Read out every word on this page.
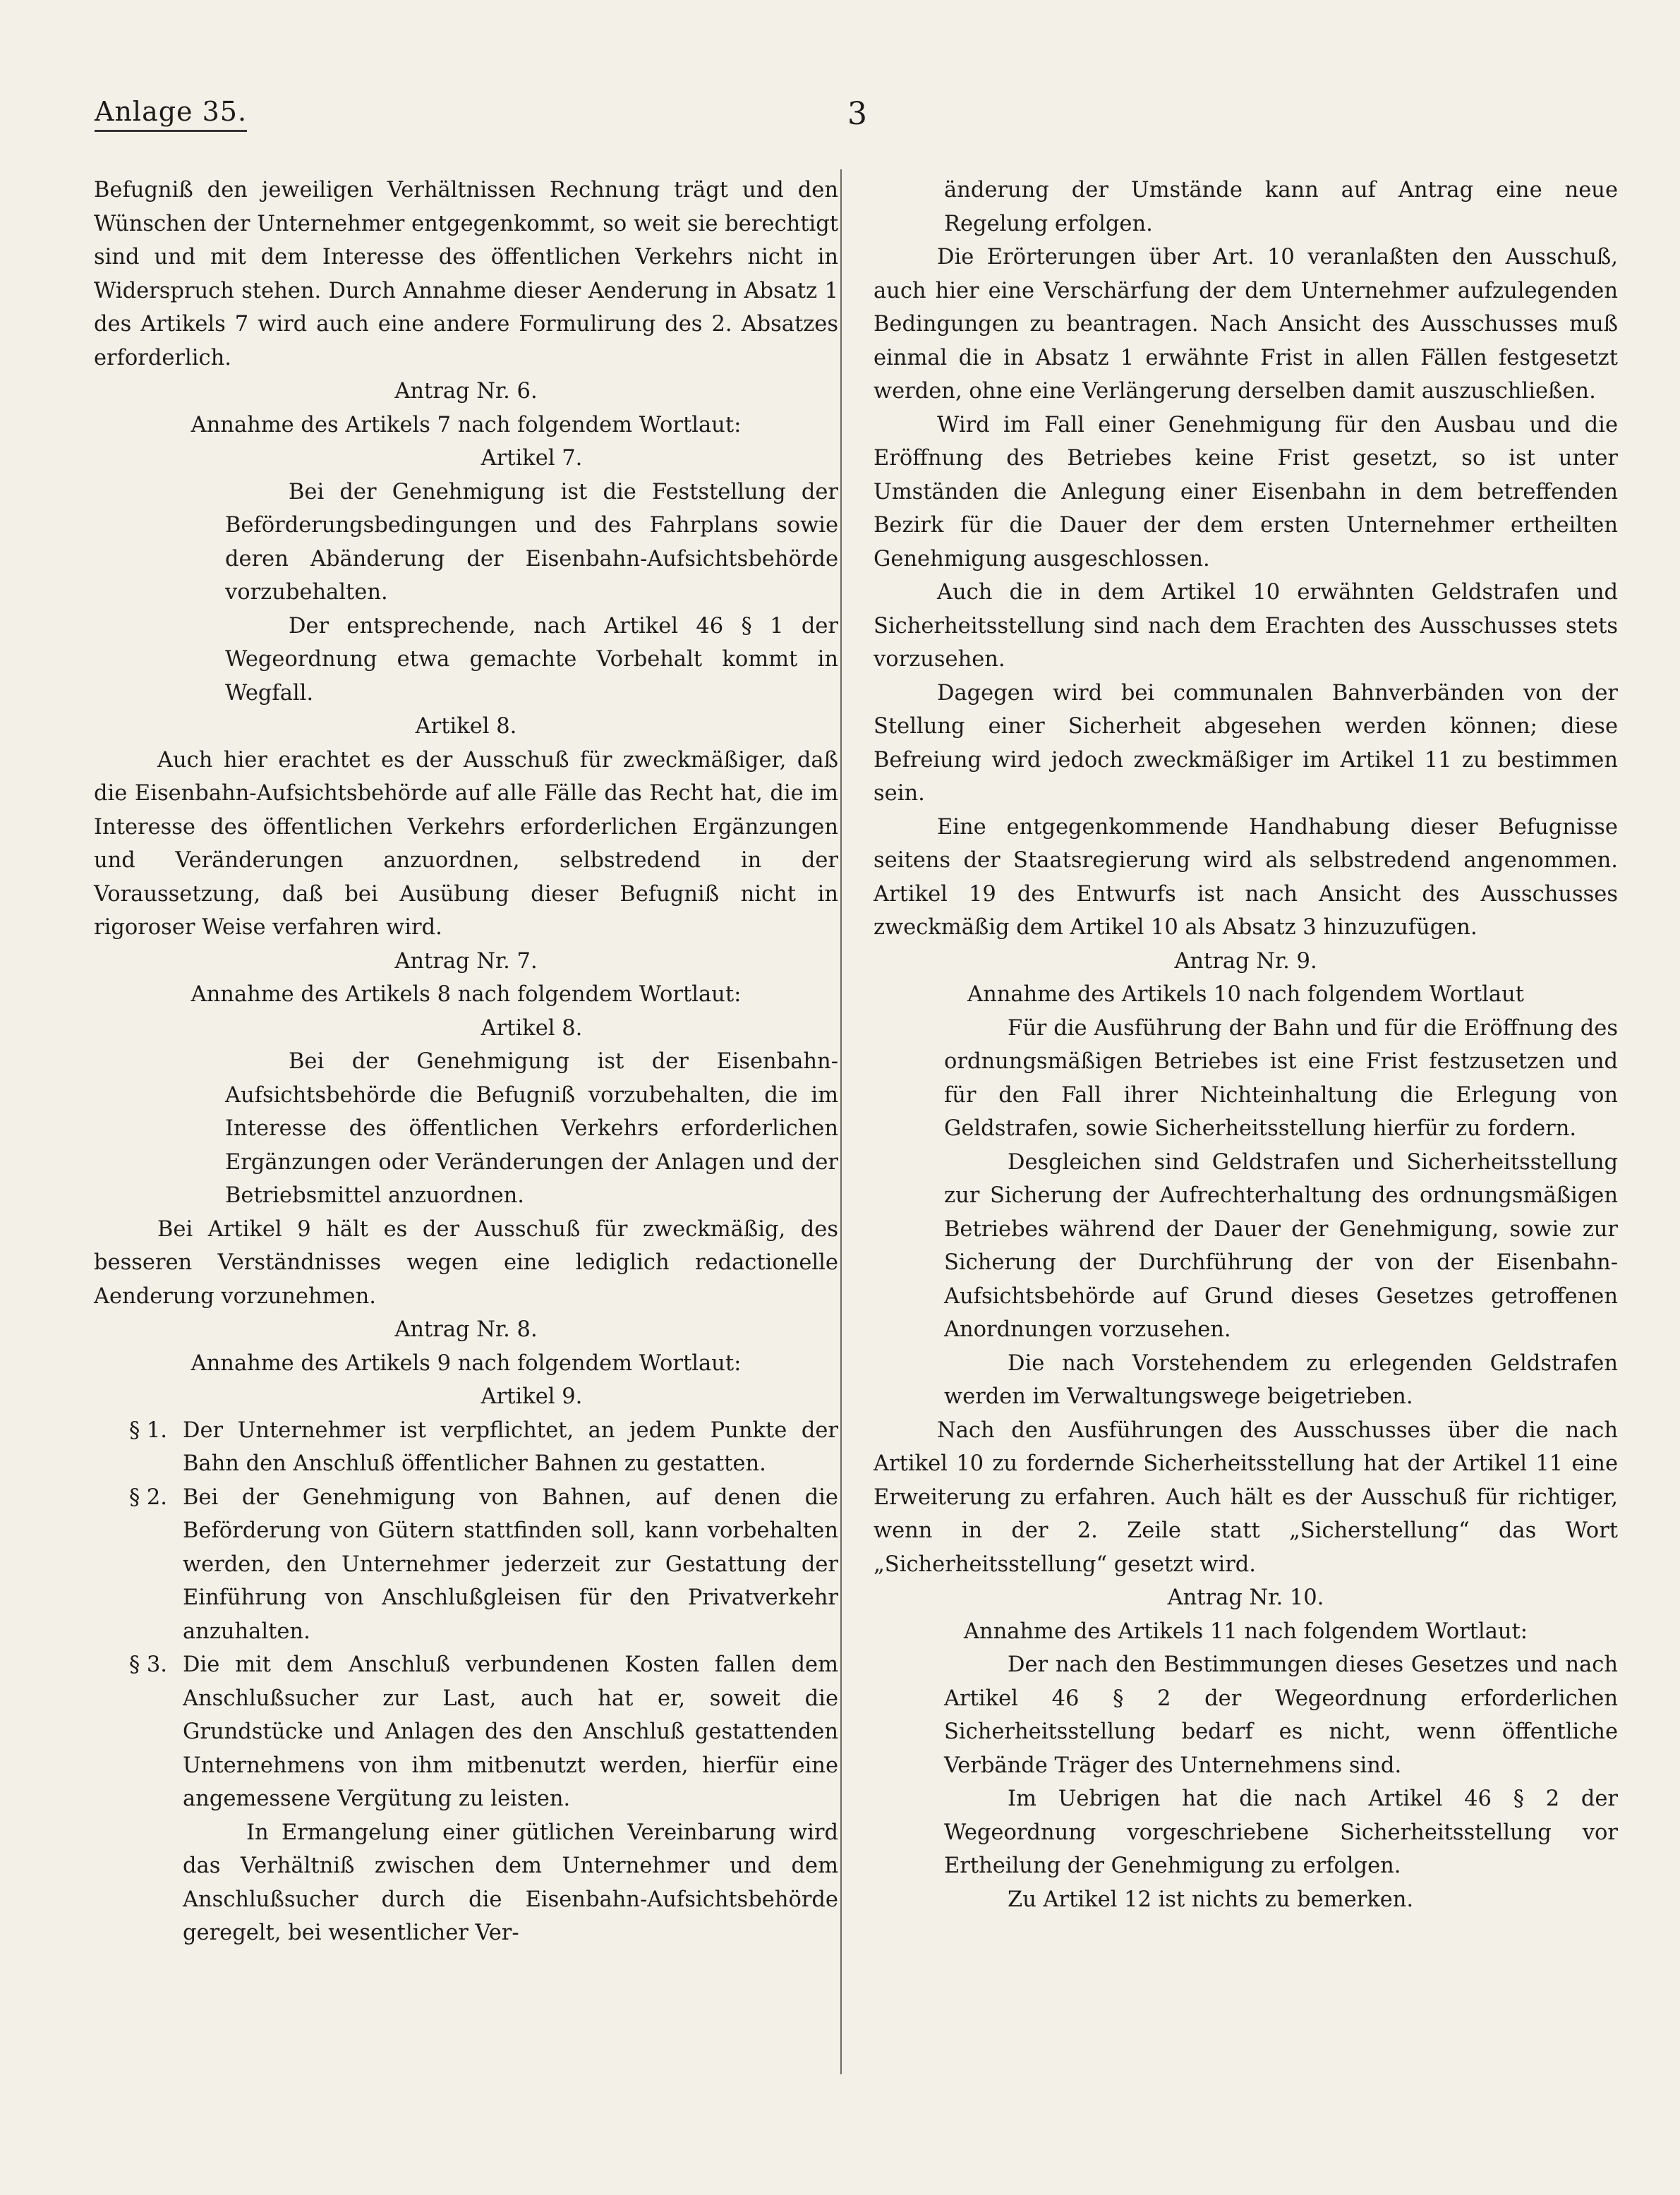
Anlage 35.	3

Befugniß den jeweiligen Verhältnissen Rechnung trägt und den Wünschen der Unternehmer entgegenkommt, so weit sie berechtigt sind und mit dem Interesse des öffentlichen Verkehrs nicht in Widerspruch stehen. Durch Annahme dieser Aenderung in Absatz 1 des Artikels 7 wird auch eine andere Formulirung des 2. Absatzes erforderlich.

Antrag Nr. 6.

Annahme des Artikels 7 nach folgendem Wortlaut:

Artikel 7.

Bei der Genehmigung ist die Feststellung der Beförderungsbedingungen und des Fahrplans sowie deren Abänderung der Eisenbahn-Aufsichtsbehörde vorzubehalten.

Der entsprechende, nach Artikel 46 § 1 der Wegeordnung etwa gemachte Vorbehalt kommt in Wegfall.

Artikel 8.

Auch hier erachtet es der Ausschuß für zweckmäßiger, daß die Eisenbahn-Aufsichtsbehörde auf alle Fälle das Recht hat, die im Interesse des öffentlichen Verkehrs erforderlichen Ergänzungen und Veränderungen anzuordnen, selbstredend in der Voraussetzung, daß bei Ausübung dieser Befugniß nicht in rigoroser Weise verfahren wird.

Antrag Nr. 7.

Annahme des Artikels 8 nach folgendem Wortlaut:

Artikel 8.

Bei der Genehmigung ist der Eisenbahn-Aufsichtsbehörde die Befugniß vorzubehalten, die im Interesse des öffentlichen Verkehrs erforderlichen Ergänzungen oder Veränderungen der Anlagen und der Betriebsmittel anzuordnen.

Bei Artikel 9 hält es der Ausschuß für zweckmäßig, des besseren Verständnisses wegen eine lediglich redactionelle Aenderung vorzunehmen.

Antrag Nr. 8.

Annahme des Artikels 9 nach folgendem Wortlaut:

Artikel 9.

§ 1. Der Unternehmer ist verpflichtet, an jedem Punkte der Bahn den Anschluß öffentlicher Bahnen zu gestatten.

§ 2. Bei der Genehmigung von Bahnen, auf denen die Beförderung von Gütern stattfinden soll, kann vorbehalten werden, den Unternehmer jederzeit zur Gestattung der Einführung von Anschlußgleisen für den Privatverkehr anzuhalten.

§ 3. Die mit dem Anschluß verbundenen Kosten fallen dem Anschlußsucher zur Last, auch hat er, soweit die Grundstücke und Anlagen des den Anschluß gestattenden Unternehmens von ihm mitbenutzt werden, hierfür eine angemessene Vergütung zu leisten.

In Ermangelung einer gütlichen Vereinbarung wird das Verhältniß zwischen dem Unternehmer und dem Anschlußsucher durch die Eisenbahn-Aufsichtsbehörde geregelt, bei wesentlicher Ver-

änderung der Umstände kann auf Antrag eine neue Regelung erfolgen.

Die Erörterungen über Art. 10 veranlaßten den Ausschuß, auch hier eine Verschärfung der dem Unternehmer aufzulegenden Bedingungen zu beantragen. Nach Ansicht des Ausschusses muß einmal die in Absatz 1 erwähnte Frist in allen Fällen festgesetzt werden, ohne eine Verlängerung derselben damit auszuschließen.

Wird im Fall einer Genehmigung für den Ausbau und die Eröffnung des Betriebes keine Frist gesetzt, so ist unter Umständen die Anlegung einer Eisenbahn in dem betreffenden Bezirk für die Dauer der dem ersten Unternehmer ertheilten Genehmigung ausgeschlossen.

Auch die in dem Artikel 10 erwähnten Geldstrafen und Sicherheitsstellung sind nach dem Erachten des Ausschusses stets vorzusehen.

Dagegen wird bei communalen Bahnverbänden von der Stellung einer Sicherheit abgesehen werden können; diese Befreiung wird jedoch zweckmäßiger im Artikel 11 zu bestimmen sein.

Eine entgegenkommende Handhabung dieser Befugnisse seitens der Staatsregierung wird als selbstredend angenommen. Artikel 19 des Entwurfs ist nach Ansicht des Ausschusses zweckmäßig dem Artikel 10 als Absatz 3 hinzuzufügen.

Antrag Nr. 9.

Annahme des Artikels 10 nach folgendem Wortlaut

Für die Ausführung der Bahn und für die Eröffnung des ordnungsmäßigen Betriebes ist eine Frist festzusetzen und für den Fall ihrer Nichteinhaltung die Erlegung von Geldstrafen, sowie Sicherheitsstellung hierfür zu fordern.

Desgleichen sind Geldstrafen und Sicherheitsstellung zur Sicherung der Aufrechterhaltung des ordnungsmäßigen Betriebes während der Dauer der Genehmigung, sowie zur Sicherung der Durchführung der von der Eisenbahn-Aufsichtsbehörde auf Grund dieses Gesetzes getroffenen Anordnungen vorzusehen.

Die nach Vorstehendem zu erlegenden Geldstrafen werden im Verwaltungswege beigetrieben.

Nach den Ausführungen des Ausschusses über die nach Artikel 10 zu fordernde Sicherheitsstellung hat der Artikel 11 eine Erweiterung zu erfahren. Auch hält es der Ausschuß für richtiger, wenn in der 2. Zeile statt „Sicherstellung“ das Wort „Sicherheitsstellung“ gesetzt wird.

Antrag Nr. 10.

Annahme des Artikels 11 nach folgendem Wortlaut:

Der nach den Bestimmungen dieses Gesetzes und nach Artikel 46 § 2 der Wegeordnung erforderlichen Sicherheitsstellung bedarf es nicht, wenn öffentliche Verbände Träger des Unternehmens sind.

Im Uebrigen hat die nach Artikel 46 § 2 der Wegeordnung vorgeschriebene Sicherheitsstellung vor Ertheilung der Genehmigung zu erfolgen.

Zu Artikel 12 ist nichts zu bemerken.
